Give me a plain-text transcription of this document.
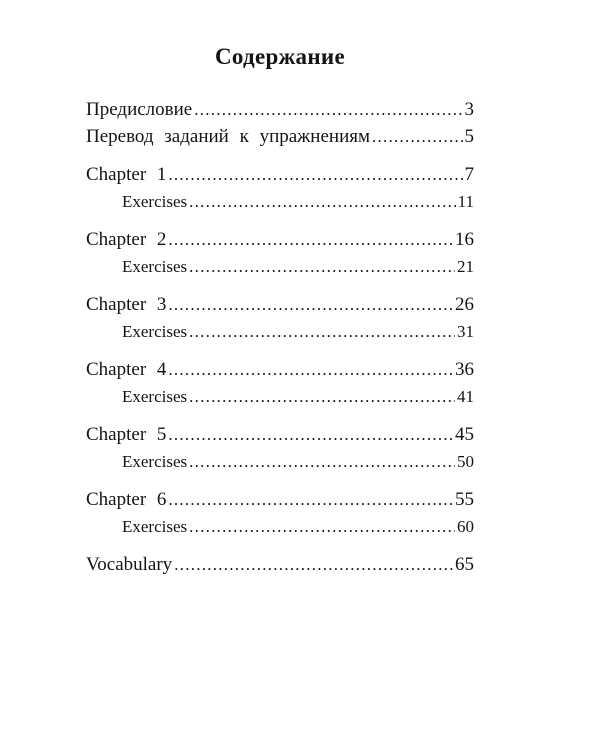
Содержание
Предисловие . . .	3
Перевод заданий к упражнениям . . .	5
Chapter 1 . . .	7
Exercises . . .	11
Chapter 2 . . .	16
Exercises . . .	21
Chapter 3 . . .	26
Exercises . . .	31
Chapter 4 . . .	36
Exercises . . .	41
Chapter 5 . . .	45
Exercises . . .	50
Chapter 6 . . .	55
Exercises . . .	60
Vocabulary . . .	65
